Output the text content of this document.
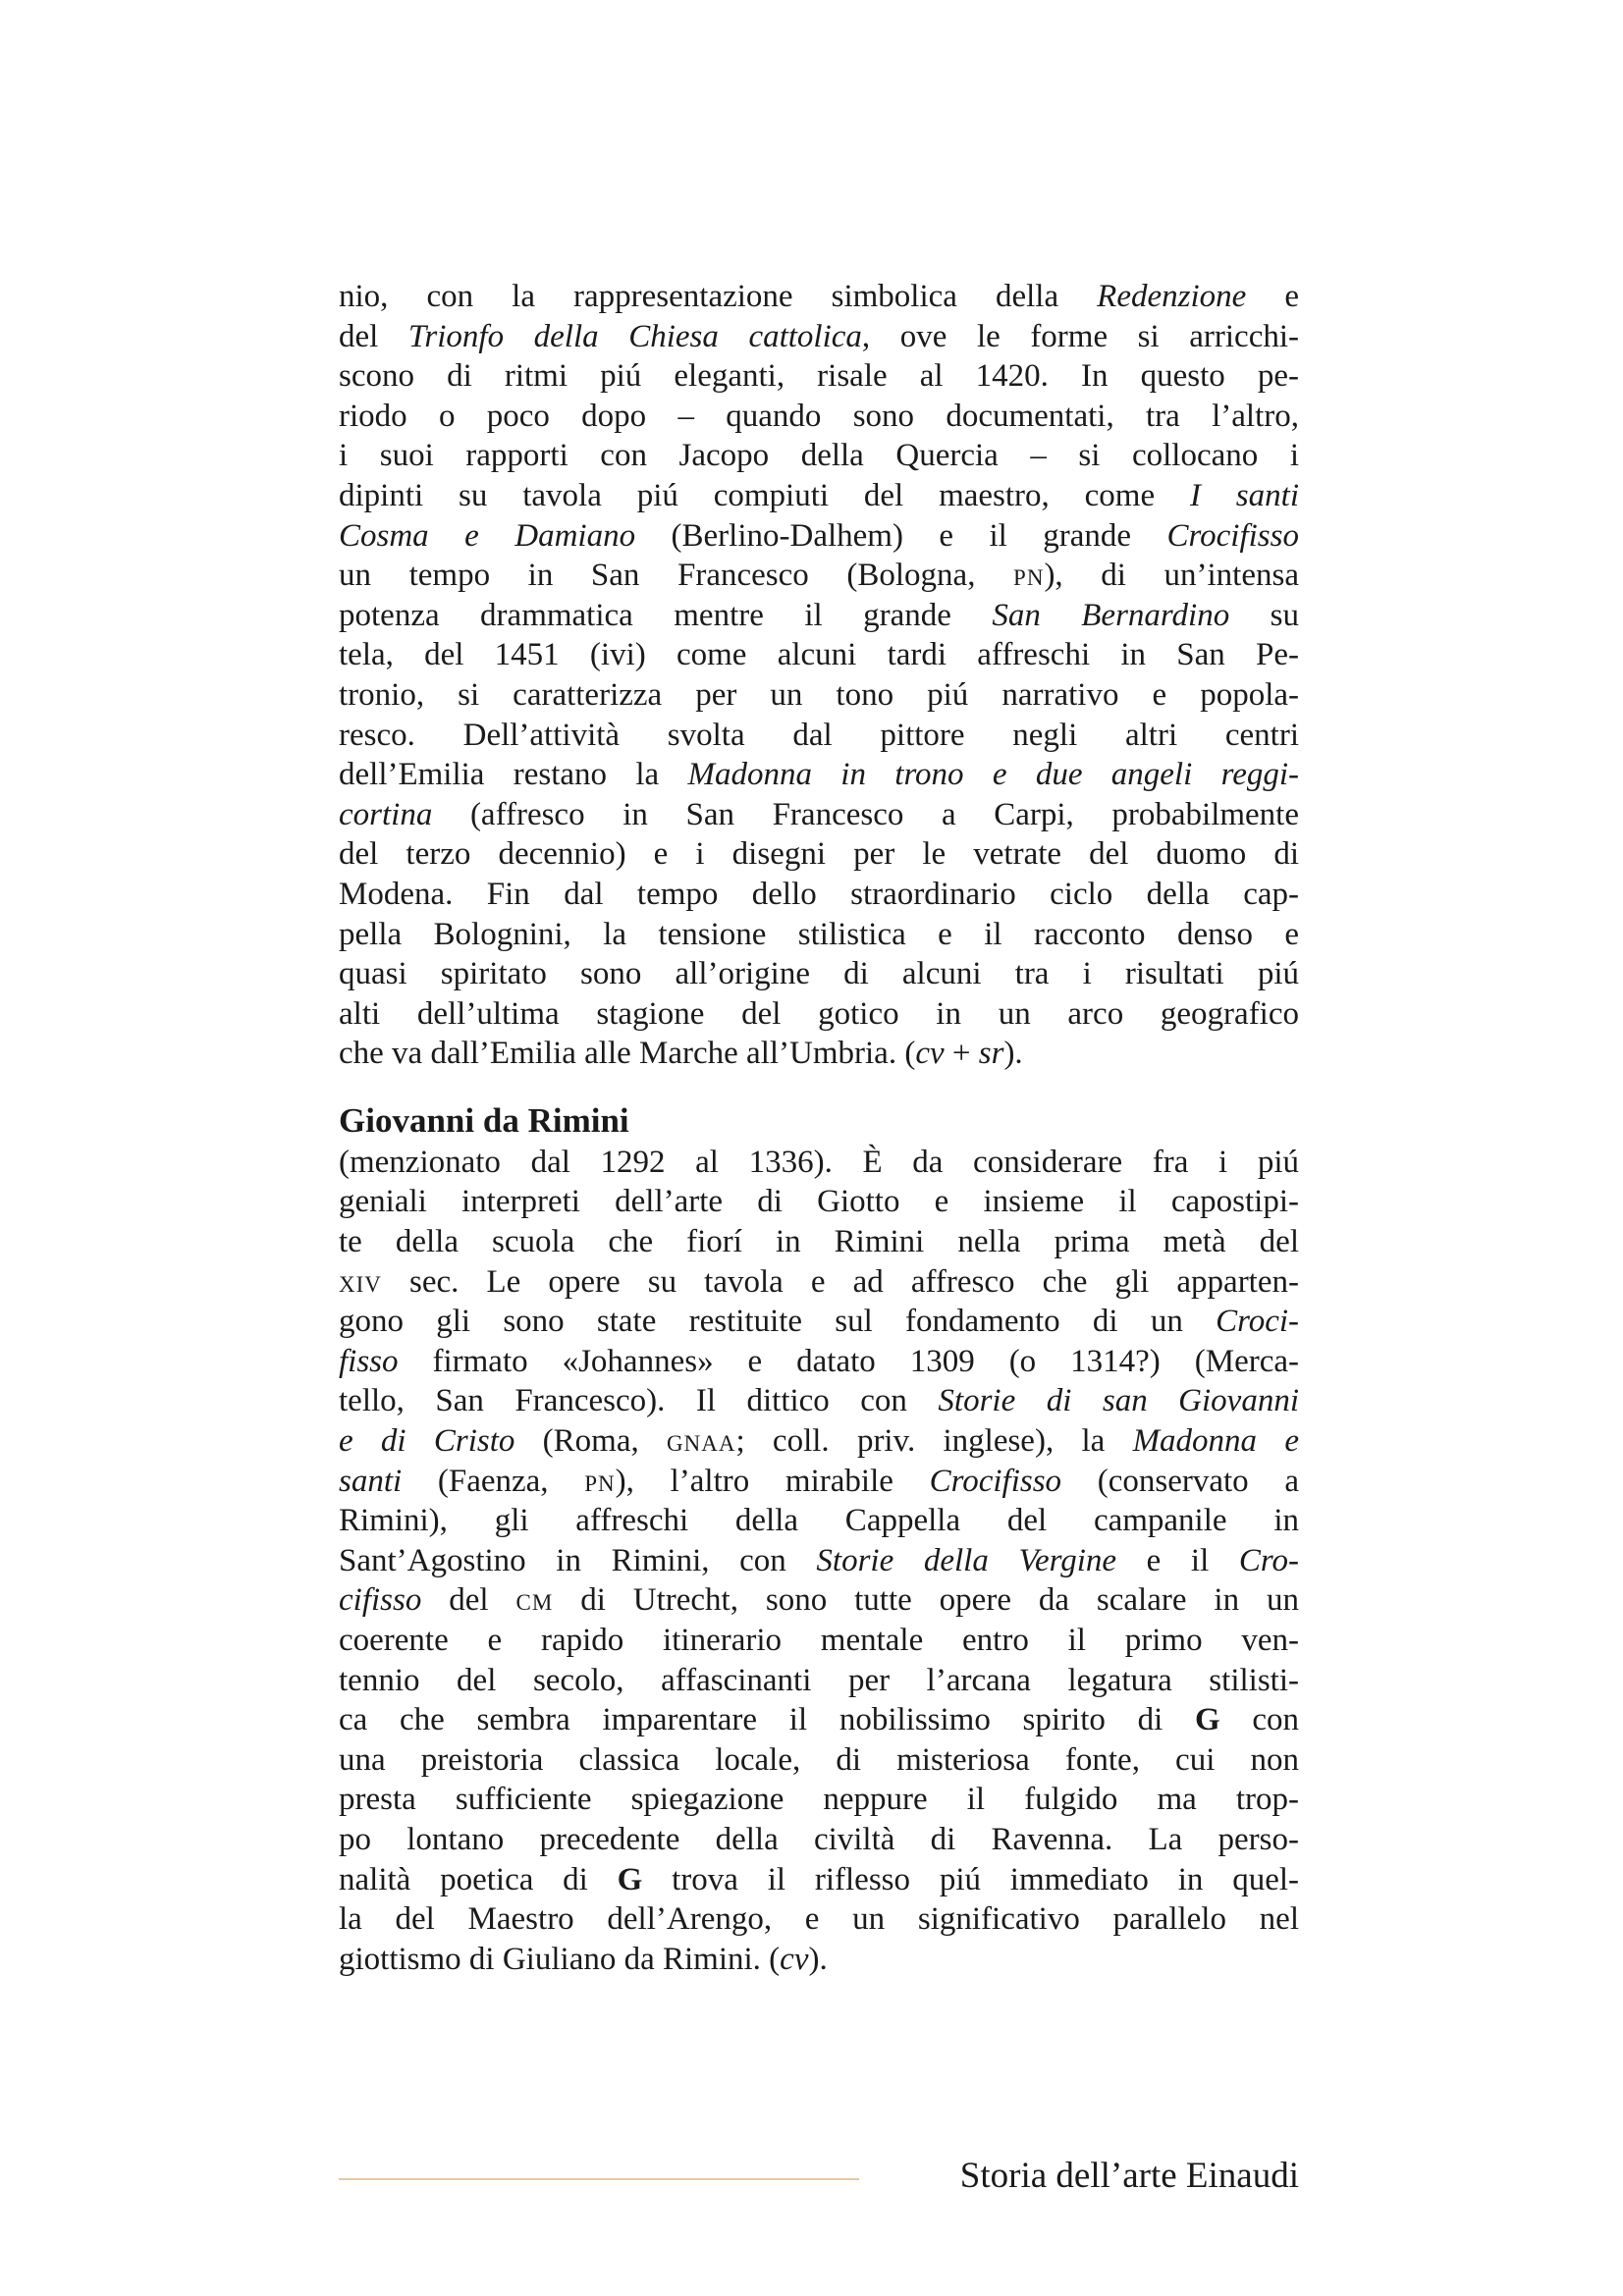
nio, con la rappresentazione simbolica della Redenzione e
del Trionfo della Chiesa cattolica, ove le forme si arricchi-
scono di ritmi piú eleganti, risale al 1420. In questo pe-
riodo o poco dopo – quando sono documentati, tra l’altro,
i suoi rapporti con Jacopo della Quercia – si collocano i
dipinti su tavola piú compiuti del maestro, come I santi
Cosma e Damiano (Berlino-Dalhem) e il grande Crocifisso
un tempo in San Francesco (Bologna, pn), di un’intensa
potenza drammatica mentre il grande San Bernardino su
tela, del 1451 (ivi) come alcuni tardi affreschi in San Pe-
tronio, si caratterizza per un tono piú narrativo e popola-
resco. Dell’attività svolta dal pittore negli altri centri
dell’Emilia restano la Madonna in trono e due angeli reggi-
cortina (affresco in San Francesco a Carpi, probabilmente
del terzo decennio) e i disegni per le vetrate del duomo di
Modena. Fin dal tempo dello straordinario ciclo della cap-
pella Bolognini, la tensione stilistica e il racconto denso e
quasi spiritato sono all’origine di alcuni tra i risultati piú
alti dell’ultima stagione del gotico in un arco geografico
che va dall’Emilia alle Marche all’Umbria. (cv + sr).
Giovanni da Rimini
(menzionato dal 1292 al 1336). È da considerare fra i piú
geniali interpreti dell’arte di Giotto e insieme il capostipi-
te della scuola che fiorí in Rimini nella prima metà del
xiv sec. Le opere su tavola e ad affresco che gli apparten-
gono gli sono state restituite sul fondamento di un Croci-
fisso firmato «Johannes» e datato 1309 (o 1314?) (Merca-
tello, San Francesco). Il dittico con Storie di san Giovanni
e di Cristo (Roma, gnaa; coll. priv. inglese), la Madonna e
santi (Faenza, pn), l’altro mirabile Crocifisso (conservato a
Rimini), gli affreschi della Cappella del campanile in
Sant’Agostino in Rimini, con Storie della Vergine e il Cro-
cifisso del cm di Utrecht, sono tutte opere da scalare in un
coerente e rapido itinerario mentale entro il primo ven-
tennio del secolo, affascinanti per l’arcana legatura stilisti-
ca che sembra imparentare il nobilissimo spirito di G con
una preistoria classica locale, di misteriosa fonte, cui non
presta sufficiente spiegazione neppure il fulgido ma trop-
po lontano precedente della civiltà di Ravenna. La perso-
nalità poetica di G trova il riflesso piú immediato in quel-
la del Maestro dell’Arengo, e un significativo parallelo nel
giottismo di Giuliano da Rimini. (cv).
Storia dell’arte Einaudi
